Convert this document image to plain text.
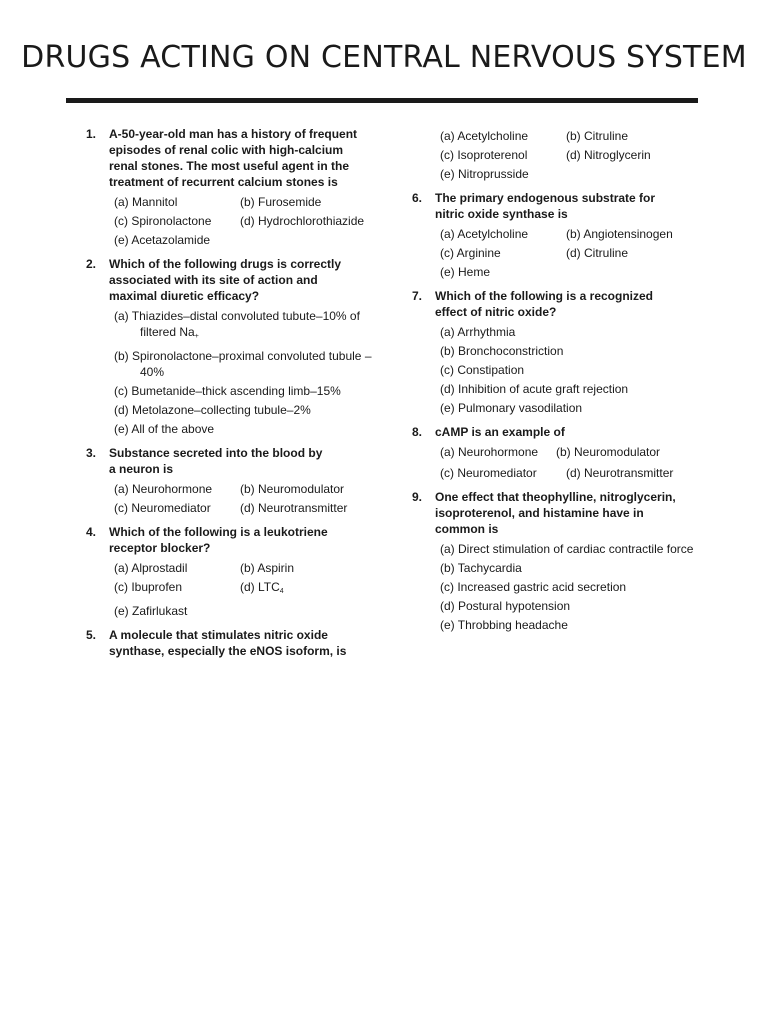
DRUGS ACTING ON CENTRAL NERVOUS SYSTEM
1.	A-50-year-old man has a history of frequent episodes of renal colic with high-calcium renal stones. The most useful agent in the treatment of recurrent calcium stones is
(a) Mannitol	(b) Furosemide
(c) Spironolactone	(d) Hydrochlorothiazide
(e) Acetazolamide
2.	Which of the following drugs is correctly associated with its site of action and maximal diuretic efficacy?
(a) Thiazides–distal convoluted tubute–10% of filtered $Na_+$
(b) Spironolactone–proximal convoluted tubule –40%
(c) Bumetanide–thick ascending limb–15%
(d) Metolazone–collecting tubule–2%
(e) All of the above
3.	Substance secreted into the blood by a neuron is
(a) Neurohormone	(b) Neuromodulator
(c) Neuromediator	(d) Neurotransmitter
4.	Which of the following is a leukotriene receptor blocker?
(a) Alprostadil	(b) Aspirin
(c) Ibuprofen	(d) $LTC_4$
(e) Zafirlukast
5.	A molecule that stimulates nitric oxide synthase, especially the eNOS isoform, is
(a) Acetylcholine	(b) Citruline
(c) Isoproterenol	(d) Nitroglycerin
(e) Nitroprusside
6.	The primary endogenous substrate for nitric oxide synthase is
(a) Acetylcholine	(b) Angiotensinogen
(c) Arginine	(d) Citruline
(e) Heme
7.	Which of the following is a recognized effect of nitric oxide?
(a) Arrhythmia
(b) Bronchoconstriction
(c) Constipation
(d) Inhibition of acute graft rejection
(e) Pulmonary vasodilation
8.	cAMP is an example of
(a) Neurohormone	(b) Neuromodulator
(c) Neuromediator	(d) Neurotransmitter
9.	One effect that theophylline, nitroglycerin, isoproterenol, and histamine have in common is
(a) Direct stimulation of cardiac contractile force
(b) Tachycardia
(c) Increased gastric acid secretion
(d) Postural hypotension
(e) Throbbing headache
